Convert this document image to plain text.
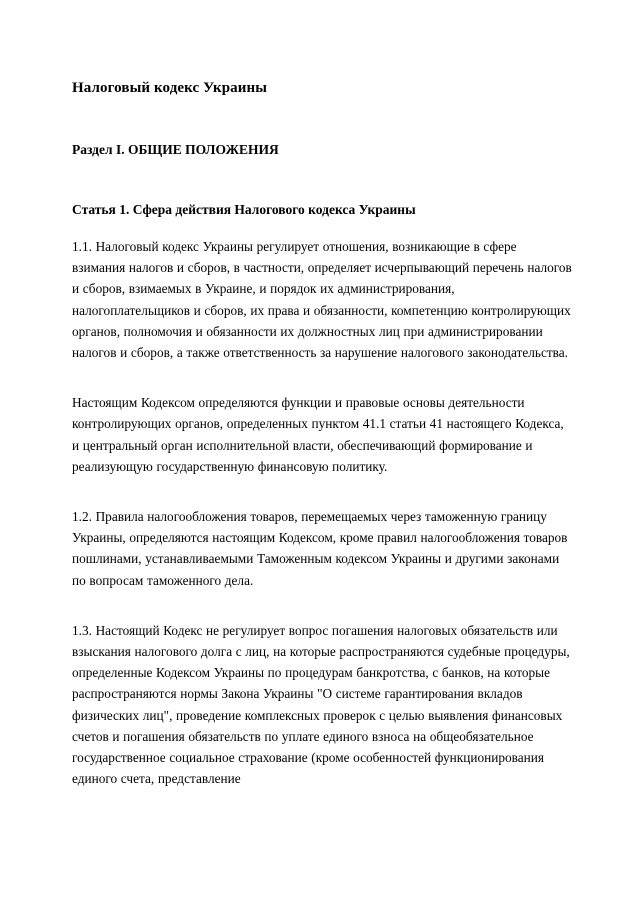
Налоговый кодекс Украины
Раздел I. ОБЩИЕ ПОЛОЖЕНИЯ
Статья 1. Сфера действия Налогового кодекса Украины

1.1. Налоговый кодекс Украины регулирует отношения, возникающие в сфере взимания налогов и сборов, в частности, определяет исчерпывающий перечень налогов и сборов, взимаемых в Украине, и порядок их администрирования, налогоплательщиков и сборов, их права и обязанности, компетенцию контролирующих органов, полномочия и обязанности их должностных лиц при администрировании налогов и сборов, а также ответственность за нарушение налогового законодательства.

Настоящим Кодексом определяются функции и правовые основы деятельности контролирующих органов, определенных пунктом 41.1 статьи 41 настоящего Кодекса, и центральный орган исполнительной власти, обеспечивающий формирование и реализующую государственную финансовую политику.

1.2. Правила налогообложения товаров, перемещаемых через таможенную границу Украины, определяются настоящим Кодексом, кроме правил налогообложения товаров пошлинами, устанавливаемыми Таможенным кодексом Украины и другими законами по вопросам таможенного дела.

1.3. Настоящий Кодекс не регулирует вопрос погашения налоговых обязательств или взыскания налогового долга с лиц, на которые распространяются судебные процедуры, определенные Кодексом Украины по процедурам банкротства, с банков, на которые распространяются нормы Закона Украины "О системе гарантирования вкладов физических лиц", проведение комплексных проверок с целью выявления финансовых счетов и погашения обязательств по уплате единого взноса на общеобязательное государственное социальное страхование (кроме особенностей функционирования единого счета, представление
